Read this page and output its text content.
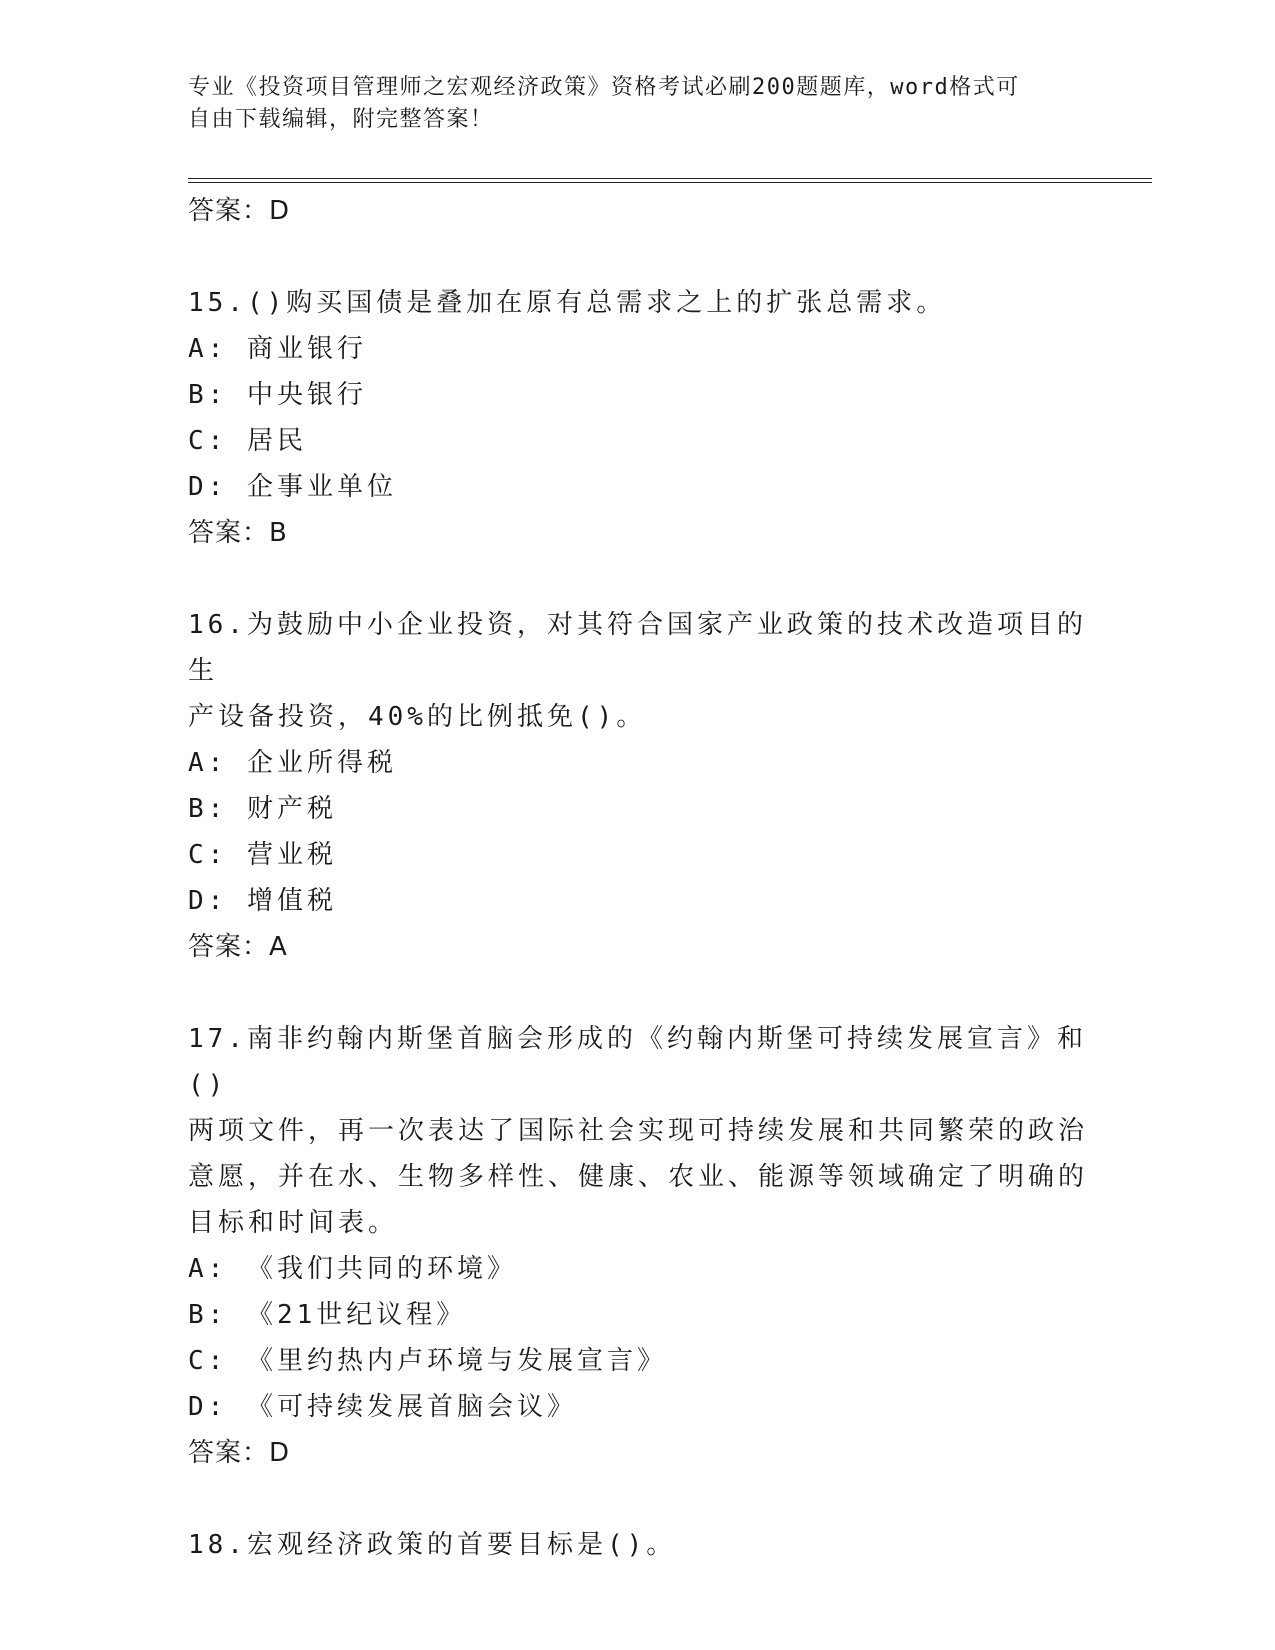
专业《投资项目管理师之宏观经济政策》资格考试必刷200题题库，word格式可
自由下载编辑，附完整答案！
答案：D
15.()购买国债是叠加在原有总需求之上的扩张总需求。
A: 商业银行
B: 中央银行
C: 居民
D: 企事业单位
答案：B
16.为鼓励中小企业投资，对其符合国家产业政策的技术改造项目的生
产设备投资，40%的比例抵免()。
A: 企业所得税
B: 财产税
C: 营业税
D: 增值税
答案：A
17.南非约翰内斯堡首脑会形成的《约翰内斯堡可持续发展宣言》和()
两项文件，再一次表达了国际社会实现可持续发展和共同繁荣的政治
意愿，并在水、生物多样性、健康、农业、能源等领域确定了明确的
目标和时间表。
A: 《我们共同的环境》
B: 《21世纪议程》
C: 《里约热内卢环境与发展宣言》
D: 《可持续发展首脑会议》
答案：D
18.宏观经济政策的首要目标是()。
